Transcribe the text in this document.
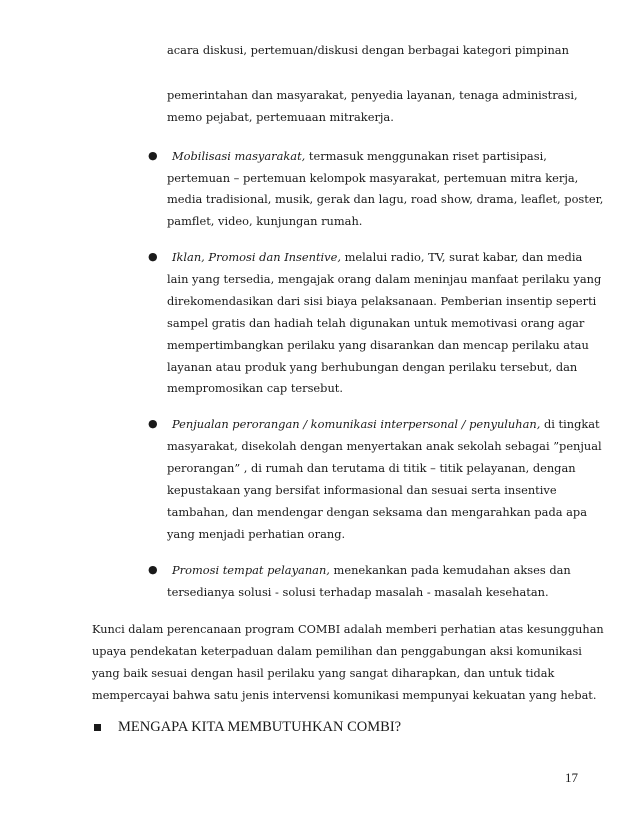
acara diskusi, pertemuan/diskusi dengan berbagai kategori pimpinan
pemerintahan dan masyarakat, penyedia layanan, tenaga administrasi,
memo pejabat, pertemuaan mitrakerja.
● Mobilisasi masyarakat, termasuk menggunakan riset partisipasi,
pertemuan – pertemuan kelompok masyarakat, pertemuan mitra kerja,
media tradisional, musik, gerak dan lagu, road show, drama, leaflet, poster,
pamflet, video, kunjungan rumah.
● Iklan, Promosi dan Insentive, melalui radio, TV, surat kabar, dan media
lain yang tersedia, mengajak orang dalam meninjau manfaat perilaku yang
direkomendasikan dari sisi biaya pelaksanaan. Pemberian insentip seperti
sampel gratis dan hadiah telah digunakan untuk memotivasi orang agar
mempertimbangkan perilaku yang disarankan dan mencap perilaku atau
layanan atau produk yang berhubungan dengan perilaku tersebut, dan
mempromosikan cap tersebut.
● Penjualan perorangan / komunikasi interpersonal / penyuluhan, di tingkat
masyarakat, disekolah dengan menyertakan anak sekolah sebagai ”penjual
perorangan” , di rumah dan terutama di titik – titik pelayanan, dengan
kepustakaan yang bersifat informasional dan sesuai serta insentive
tambahan, dan mendengar dengan seksama dan mengarahkan pada apa
yang menjadi perhatian orang.
● Promosi tempat pelayanan, menekankan pada kemudahan akses dan
tersedianya solusi - solusi terhadap masalah - masalah kesehatan.
Kunci dalam perencanaan program COMBI adalah memberi perhatian atas kesungguhan
upaya pendekatan keterpaduan dalam pemilihan dan penggabungan aksi komunikasi
yang baik sesuai dengan hasil perilaku yang sangat diharapkan, dan untuk tidak
mempercayai bahwa satu jenis intervensi komunikasi mempunyai kekuatan yang hebat.
MENGAPA KITA MEMBUTUHKAN COMBI?
17
